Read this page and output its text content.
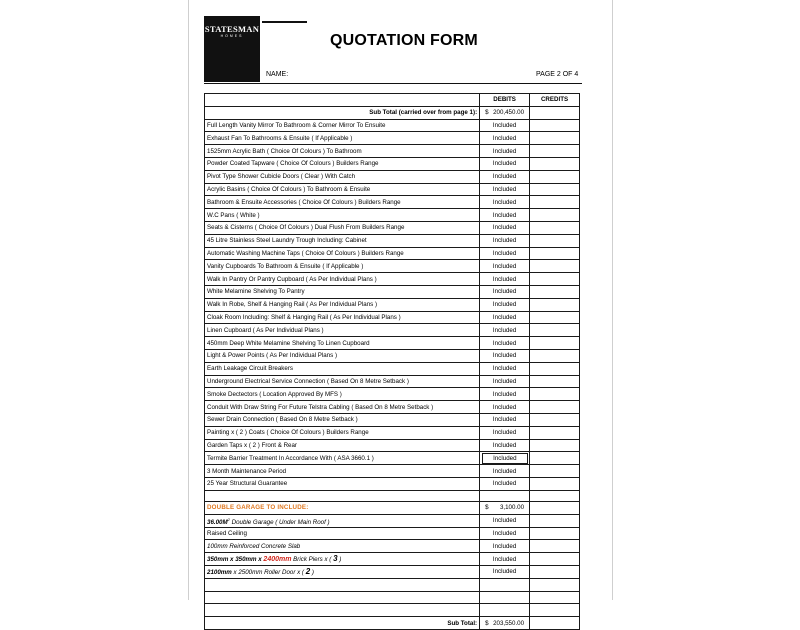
STATESMAN
HOMES	QUOTATION FORM
NAME:	PAGE 2 OF 4
	DEBITS	CREDITS
Sub Total (carried over from page 1):	$ 200,450.00	

Full Length Vanity Mirror To Bathroom & Corner Mirror To Ensuite	Included	
Exhaust Fan To Bathrooms & Ensuite ( If Applicable )	Included	
1525mm Acrylic Bath ( Choice Of Colours ) To Bathroom	Included	
Powder Coated Tapware ( Choice Of Colours ) Builders Range	Included	
Pivot Type Shower Cubicle Doors ( Clear ) With Catch	Included	
Acrylic Basins ( Choice Of Colours ) To Bathroom & Ensuite	Included	
Bathroom & Ensuite Accessories ( Choice Of Colours ) Builders Range	Included	
W.C Pans ( White )	Included	
Seats & Cisterns ( Choice Of Colours ) Dual Flush From Builders Range	Included	
45 Litre Stainless Steel Laundry Trough Including: Cabinet	Included	
Automatic Washing Machine Taps ( Choice Of Colours ) Builders Range	Included	
Vanity Cupboards To Bathroom & Ensuite ( If Applicable )	Included	
Walk In Pantry Or Pantry Cupboard ( As Per Individual Plans )	Included	
White Melamine Shelving To Pantry	Included	
Walk In Robe, Shelf & Hanging Rail ( As Per Individual Plans )	Included	
Cloak Room Including: Shelf & Hanging Rail ( As Per Individual Plans )	Included	
Linen Cupboard ( As Per Individual Plans )	Included	
450mm Deep White Melamine Shelving To Linen Cupboard	Included	
Light & Power Points ( As Per Individual Plans )	Included	
Earth Leakage Circuit Breakers	Included	
Underground Electrical Service Connection ( Based On 8 Metre Setback )	Included	
Smoke Dectectors ( Location Approved By MFS )	Included	
Conduit With Draw String For Future Telstra Cabling ( Based On 8 Metre Setback )	Included	
Sewer Drain Connection ( Based On 8 Metre Setback )	Included	
Painting x ( 2 ) Coats ( Choice Of Colours ) Builders Range	Included	
Garden Taps x ( 2 ) Front & Rear	Included	
Termite Barrier Treatment In Accordance With ( ASA 3660.1 )	Included	
3 Month Maintenance Period	Included	
25 Year Structural Guarantee	Included	

DOUBLE GARAGE TO INCLUDE:	$ 3,100.00	

$36.00M^2$ Double Garage ( Under Main Roof )	Included	
Raised Ceiling	Included	
100mm Reinforced Concrete Slab	Included	
350mm x 350mm x 2400mm Brick Piers x ( 3 )	Included	
2100mm x 2500mm Roller Door x ( 2 )	Included	

Sub Total:	$ 203,550.00	
